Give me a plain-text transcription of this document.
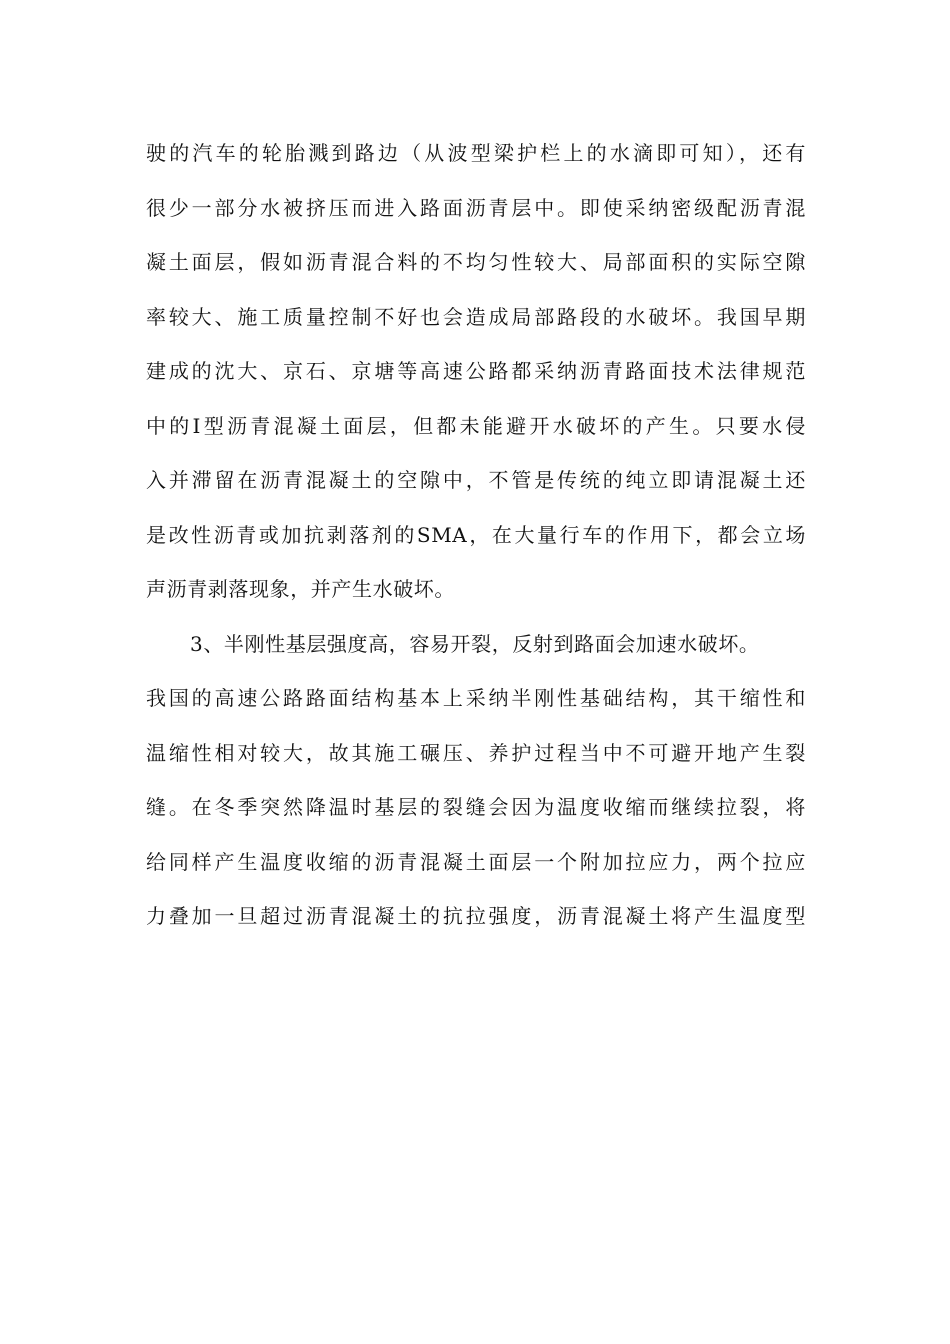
驶的汽车的轮胎溅到路边（从波型梁护栏上的水滴即可知），还有
很少一部分水被挤压而进入路面沥青层中。即使采纳密级配沥青混
凝土面层，假如沥青混合料的不均匀性较大、局部面积的实际空隙
率较大、施工质量控制不好也会造成局部路段的水破坏。我国早期
建成的沈大、京石、京塘等高速公路都采纳沥青路面技术法律规范
中的Ⅰ型沥青混凝土面层，但都未能避开水破坏的产生。只要水侵
入并滞留在沥青混凝土的空隙中，不管是传统的纯立即请混凝土还
是改性沥青或加抗剥落剂的SMA，在大量行车的作用下，都会立场
声沥青剥落现象，并产生水破坏。
3、半刚性基层强度高，容易开裂，反射到路面会加速水破坏。
我国的高速公路路面结构基本上采纳半刚性基础结构，其干缩性和
温缩性相对较大，故其施工碾压、养护过程当中不可避开地产生裂
缝。在冬季突然降温时基层的裂缝会因为温度收缩而继续拉裂，将
给同样产生温度收缩的沥青混凝土面层一个附加拉应力，两个拉应
力叠加一旦超过沥青混凝土的抗拉强度，沥青混凝土将产生温度型
